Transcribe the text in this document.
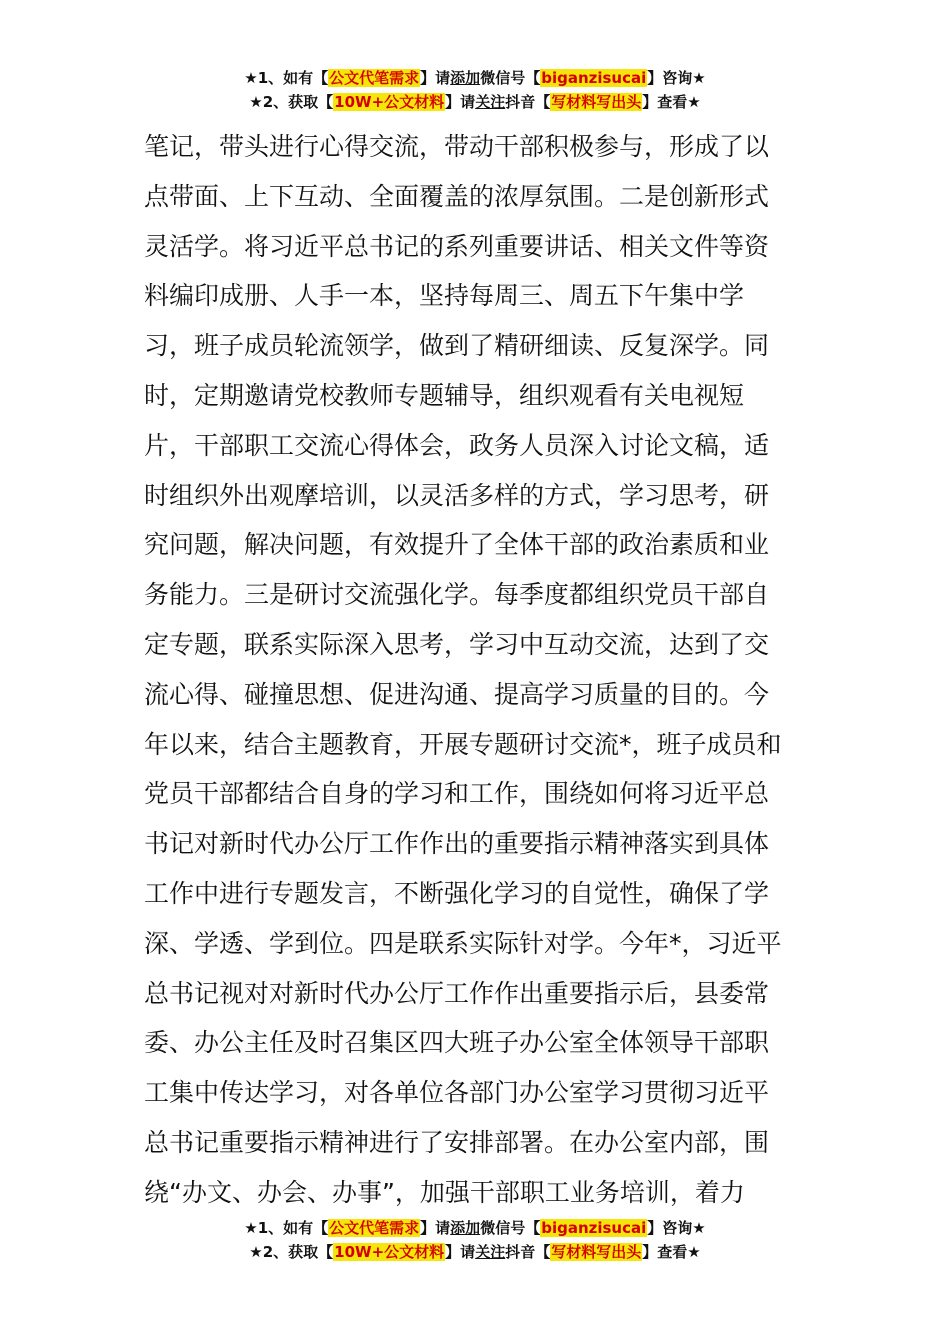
★1、如有【公文代笔需求】请添加微信号【biganzisucai】咨询★
★2、获取【10W+公文材料】请关注抖音【写材料写出头】查看★
笔记，带头进行心得交流，带动干部积极参与，形成了以
点带面、上下互动、全面覆盖的浓厚氛围。二是创新形式
灵活学。将习近平总书记的系列重要讲话、相关文件等资
料编印成册、人手一本，坚持每周三、周五下午集中学
习，班子成员轮流领学，做到了精研细读、反复深学。同
时，定期邀请党校教师专题辅导，组织观看有关电视短
片，干部职工交流心得体会，政务人员深入讨论文稿，适
时组织外出观摩培训，以灵活多样的方式，学习思考，研
究问题，解决问题，有效提升了全体干部的政治素质和业
务能力。三是研讨交流强化学。每季度都组织党员干部自
定专题，联系实际深入思考，学习中互动交流，达到了交
流心得、碰撞思想、促进沟通、提高学习质量的目的。今
年以来，结合主题教育，开展专题研讨交流*，班子成员和
党员干部都结合自身的学习和工作，围绕如何将习近平总
书记对新时代办公厅工作作出的重要指示精神落实到具体
工作中进行专题发言，不断强化学习的自觉性，确保了学
深、学透、学到位。四是联系实际针对学。今年*，习近平
总书记视对对新时代办公厅工作作出重要指示后，县委常
委、办公主任及时召集区四大班子办公室全体领导干部职
工集中传达学习，对各单位各部门办公室学习贯彻习近平
总书记重要指示精神进行了安排部署。在办公室内部，围
绕“办文、办会、办事”，加强干部职工业务培训，着力
★1、如有【公文代笔需求】请添加微信号【biganzisucai】咨询★
★2、获取【10W+公文材料】请关注抖音【写材料写出头】查看★
